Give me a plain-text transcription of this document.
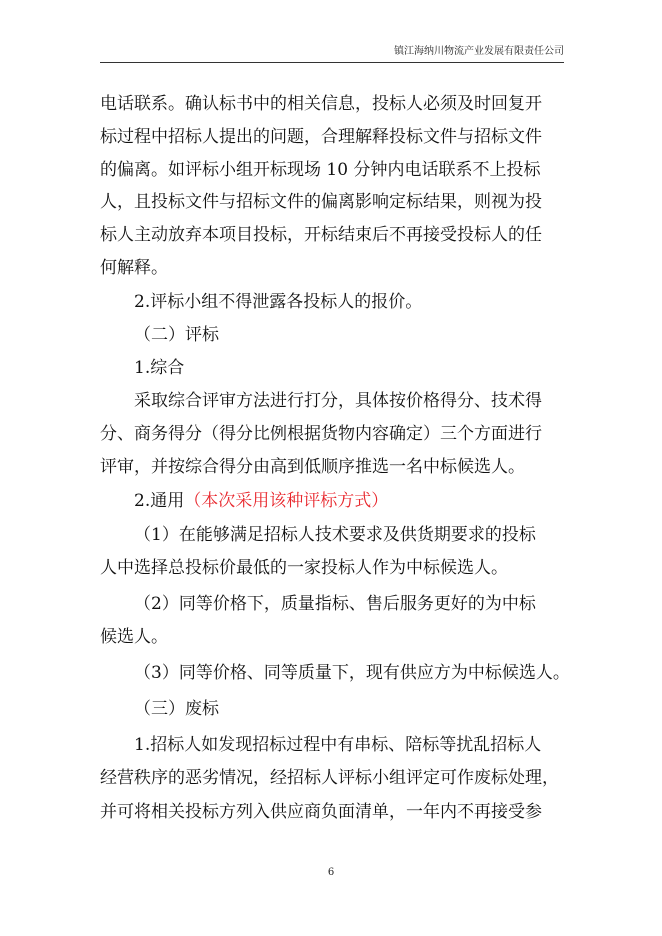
镇江海纳川物流产业发展有限责任公司
电话联系。确认标书中的相关信息，投标人必须及时回复开
标过程中招标人提出的问题，合理解释投标文件与招标文件
的偏离。如评标小组开标现场 10 分钟内电话联系不上投标
人，且投标文件与招标文件的偏离影响定标结果，则视为投
标人主动放弃本项目投标，开标结束后不再接受投标人的任
何解释。
2.评标小组不得泄露各投标人的报价。
（二）评标
1.综合
采取综合评审方法进行打分，具体按价格得分、技术得
分、商务得分（得分比例根据货物内容确定）三个方面进行
评审，并按综合得分由高到低顺序推选一名中标候选人。
2.通用（本次采用该种评标方式）
（1）在能够满足招标人技术要求及供货期要求的投标
人中选择总投标价最低的一家投标人作为中标候选人。
（2）同等价格下，质量指标、售后服务更好的为中标
候选人。
（3）同等价格、同等质量下，现有供应方为中标候选人。
（三）废标
1.招标人如发现招标过程中有串标、陪标等扰乱招标人
经营秩序的恶劣情况，经招标人评标小组评定可作废标处理，
并可将相关投标方列入供应商负面清单，一年内不再接受参
6
